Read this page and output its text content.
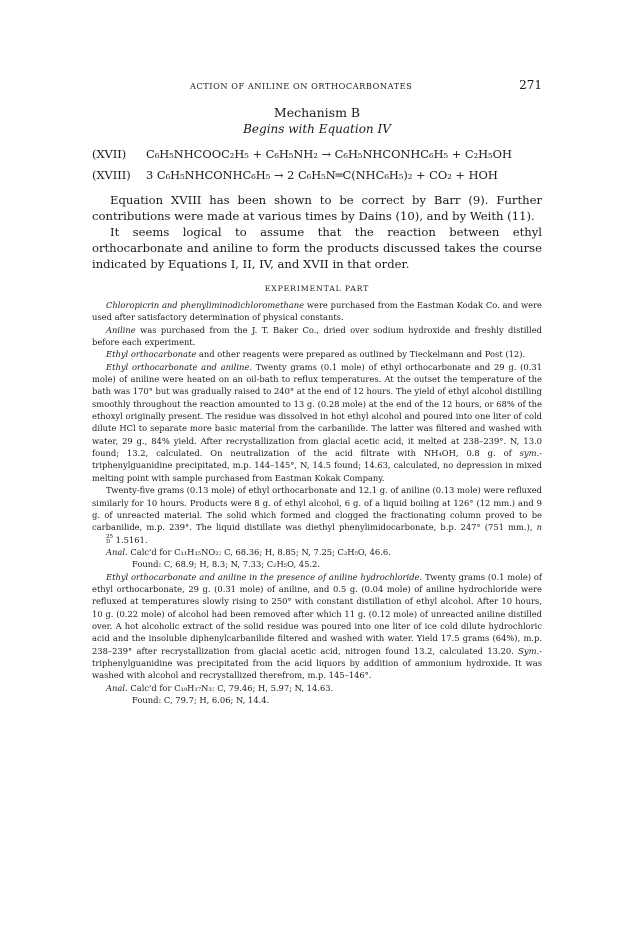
ACTION OF ANILINE ON ORTHOCARBONATES	271
Mechanism B
Begins with Equation IV
(XVII) C₆H₅NHCOOC₂H₅ + C₆H₅NH₂ → C₆H₅NHCONHC₆H₅ + C₂H₅OH
(XVIII) 3 C₆H₅NHCONHC₆H₅ → 2 C₆H₅N═C(NHC₆H₅)₂ + CO₂ + HOH

Equation XVIII has been shown to be correct by Barr (9). Further contributions were made at various times by Dains (10), and by Weith (11).

It seems logical to assume that the reaction between ethyl orthocarbonate and aniline to form the products discussed takes the course indicated by Equations I, II, IV, and XVII in that order.

EXPERIMENTAL PART

Chloropicrin and phenyliminodichloromethane were purchased from the Eastman Kodak Co. and were used after satisfactory determination of physical constants.

Aniline was purchased from the J. T. Baker Co., dried over sodium hydroxide and freshly distilled before each experiment.

Ethyl orthocarbonate and other reagents were prepared as outlined by Tieckelmann and Post (12).

Ethyl orthocarbonate and aniline. Twenty grams (0.1 mole) of ethyl orthocarbonate and 29 g. (0.31 mole) of aniline were heated on an oil-bath to reflux temperatures. At the outset the temperature of the bath was 170° but was gradually raised to 240° at the end of 12 hours. The yield of ethyl alcohol distilling smoothly throughout the reaction amounted to 13 g. (0.28 mole) at the end of the 12 hours, or 68% of the ethoxyl originally present. The residue was dissolved in hot ethyl alcohol and poured into one liter of cold dilute HCl to separate more basic material from the carbanilide. The latter was filtered and washed with water, 29 g., 84% yield. After recrystallization from glacial acetic acid, it melted at 238–239°. N, 13.0 found; 13.2, calculated. On neutralization of the acid filtrate with NH₄OH, 0.8 g. of sym.-triphenylguanidine precipitated, m.p. 144–145°, N, 14.5 found; 14.63, calculated, no depression in mixed melting point with sample purchased from Eastman Kokak Company.

Twenty-five grams (0.13 mole) of ethyl orthocarbonate and 12.1 g. of aniline (0.13 mole) were refluxed similarly for 10 hours. Products were 8 g. of ethyl alcohol, 6 g. of a liquid boiling at 126° (12 mm.) and 9 g. of unreacted material. The solid which formed and clogged the fractionating column proved to be carbanilide, m.p. 239°. The liquid distillate was diethyl phenylimidocarbonate, b.p. 247° (751 mm.), n
25
D 1.5161.

Anal. Calc'd for C₁₁H₁₅NO₂: C, 68.36; H, 8.85; N, 7.25; C₂H₅O, 46.6.

Found: C, 68.9; H, 8.3; N, 7.33; C₂H₅O, 45.2.

Ethyl orthocarbonate and aniline in the presence of aniline hydrochloride. Twenty grams (0.1 mole) of ethyl orthocarbonate, 29 g. (0.31 mole) of aniline, and 0.5 g. (0.04 mole) of aniline hydrochloride were refluxed at temperatures slowly rising to 250° with constant distillation of ethyl alcohol. After 10 hours, 10 g. (0.22 mole) of alcohol had been removed after which 11 g. (0.12 mole) of unreacted aniline distilled over. A hot alcoholic extract of the solid residue was poured into one liter of ice cold dilute hydrochloric acid and the insoluble diphenylcarbanilide filtered and washed with water. Yield 17.5 grams (64%), m.p. 238–239° after recrystallization from glacial acetic acid, nitrogen found 13.2, calculated 13.20. Sym.-triphenylguanidine was precipitated from the acid liquors by addition of ammonium hydroxide. It was washed with alcohol and recrystallized therefrom, m.p. 145–146°.

Anal. Calc'd for C₁₉H₁₇N₃: C, 79.46; H, 5.97; N, 14.63.

Found: C, 79.7; H, 6.06; N, 14.4.
